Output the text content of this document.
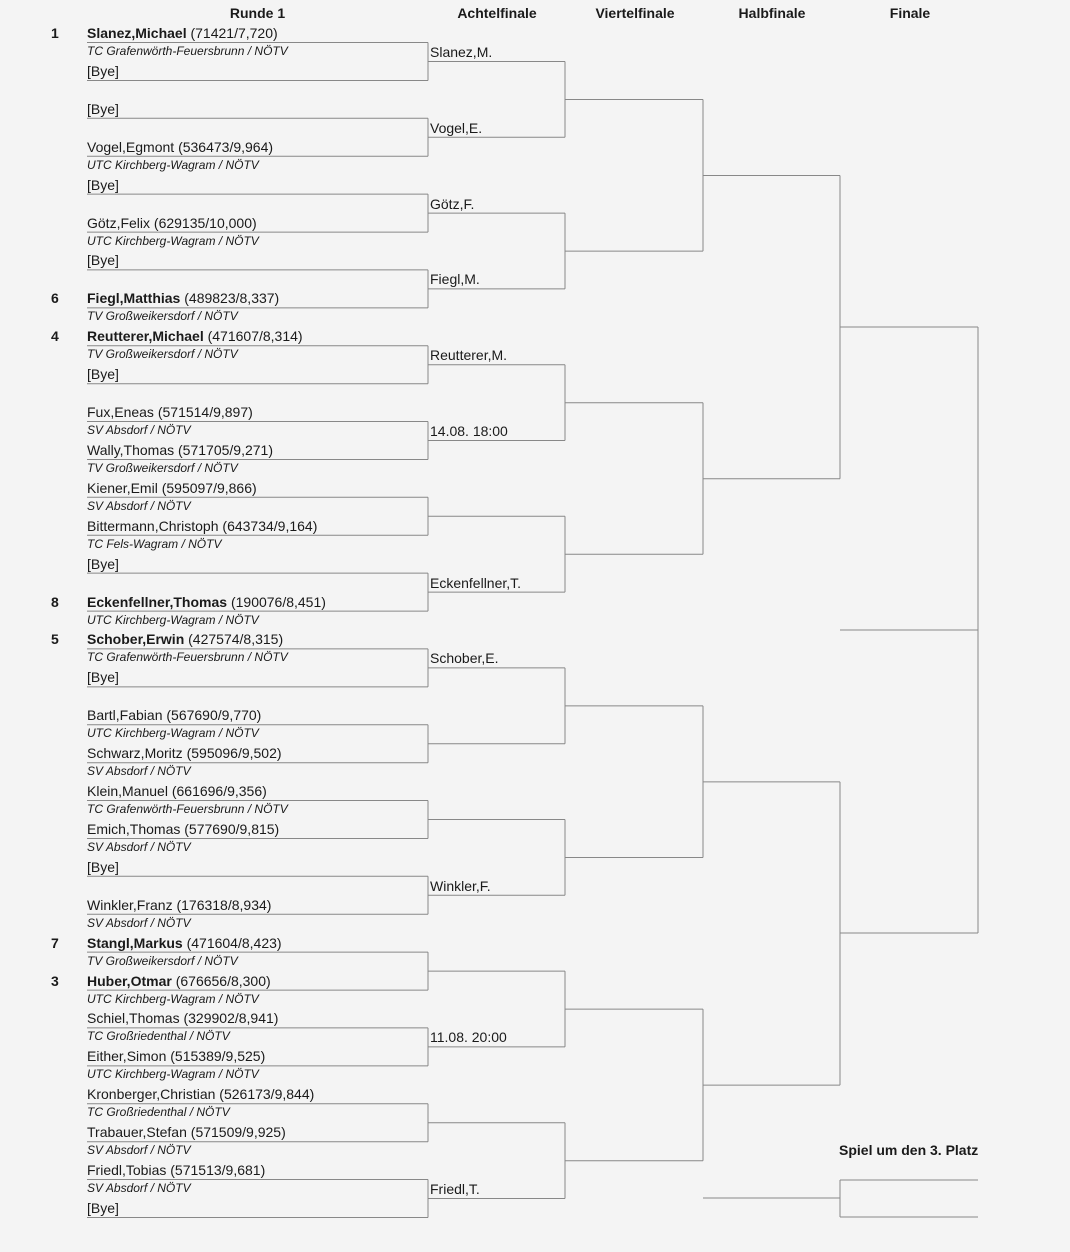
Runde 1	Achtelfinale	Viertelfinale	Halbfinale	Finale
1 Slanez,Michael (71421/7,720)
TC Grafenwörth-Feuersbrunn / NÖTV
[Bye]
[Bye]
Vogel,Egmont (536473/9,964)
UTC Kirchberg-Wagram / NÖTV
[Bye]
Götz,Felix (629135/10,000)
UTC Kirchberg-Wagram / NÖTV
[Bye]
6 Fiegl,Matthias (489823/8,337)
TV Großweikersdorf / NÖTV
4 Reutterer,Michael (471607/8,314)
TV Großweikersdorf / NÖTV
[Bye]
Fux,Eneas (571514/9,897)
SV Absdorf / NÖTV
Wally,Thomas (571705/9,271)
TV Großweikersdorf / NÖTV
Kiener,Emil (595097/9,866)
SV Absdorf / NÖTV
Bittermann,Christoph (643734/9,164)
TC Fels-Wagram / NÖTV
[Bye]
8 Eckenfellner,Thomas (190076/8,451)
UTC Kirchberg-Wagram / NÖTV
5 Schober,Erwin (427574/8,315)
TC Grafenwörth-Feuersbrunn / NÖTV
[Bye]
Bartl,Fabian (567690/9,770)
UTC Kirchberg-Wagram / NÖTV
Schwarz,Moritz (595096/9,502)
SV Absdorf / NÖTV
Klein,Manuel (661696/9,356)
TC Grafenwörth-Feuersbrunn / NÖTV
Emich,Thomas (577690/9,815)
SV Absdorf / NÖTV
[Bye]
Winkler,Franz (176318/8,934)
SV Absdorf / NÖTV
7 Stangl,Markus (471604/8,423)
TV Großweikersdorf / NÖTV
3 Huber,Otmar (676656/8,300)
UTC Kirchberg-Wagram / NÖTV
Schiel,Thomas (329902/8,941)
TC Großriedenthal / NÖTV
Either,Simon (515389/9,525)
UTC Kirchberg-Wagram / NÖTV
Kronberger,Christian (526173/9,844)
TC Großriedenthal / NÖTV
Trabauer,Stefan (571509/9,925)
SV Absdorf / NÖTV
Friedl,Tobias (571513/9,681)
SV Absdorf / NÖTV
[Bye]
Slanez,M.
Vogel,E.
Götz,F.
Fiegl,M.
Reutterer,M.
14.08. 18:00
Eckenfellner,T.
Schober,E.
Winkler,F.
11.08. 20:00
Friedl,T.
Spiel um den 3. Platz
